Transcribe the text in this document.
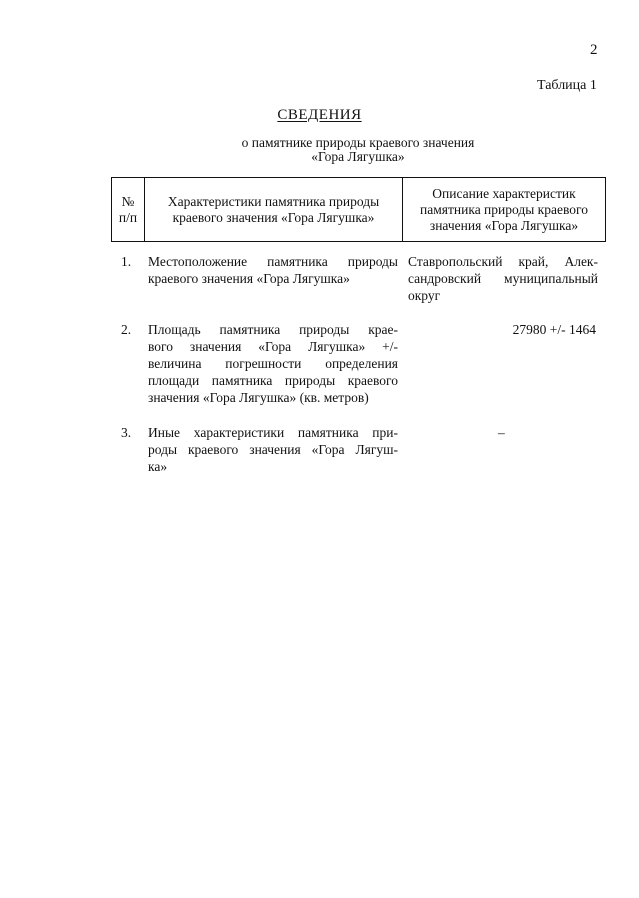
2
Таблица 1
СВЕДЕНИЯ
о памятнике природы краевого значения
«Гора Лягушка»
№
п/п
Характеристики памятника природы
краевого значения «Гора Лягушка»
Описание характеристик
памятника природы краевого
значения «Гора Лягушка»
1. Местоположение памятника природы
краевого значения «Гора Лягушка»
Ставропольский край, Алек-
сандровский муниципальный
округ
2. Площадь памятника природы крае-
вого значения «Гора Лягушка» +/-
величина погрешности определения
площади памятника природы краевого
значения «Гора Лягушка» (кв. метров)
27980 +/- 1464
3. Иные характеристики памятника при-
роды краевого значения «Гора Лягуш-
ка»
–
